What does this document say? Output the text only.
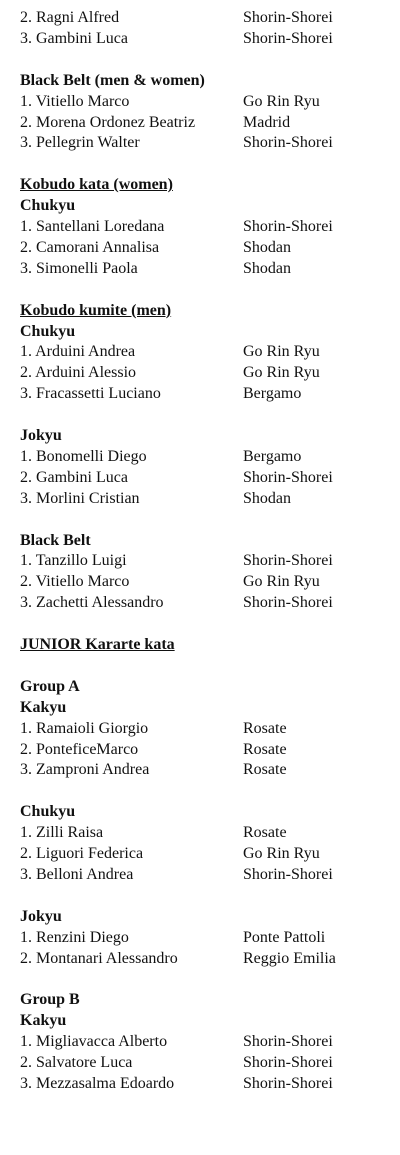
2. Ragni Alfred	Shorin-Shorei
3. Gambini Luca	Shorin-Shorei
Black Belt (men & women)
1. Vitiello Marco	Go Rin Ryu
2. Morena Ordonez Beatriz	Madrid
3. Pellegrin Walter	Shorin-Shorei
Kobudo kata (women)
Chukyu
1. Santellani Loredana	Shorin-Shorei
2. Camorani Annalisa	Shodan
3. Simonelli Paola	Shodan
Kobudo kumite (men)
Chukyu
1. Arduini Andrea	Go Rin Ryu
2. Arduini Alessio	Go Rin Ryu
3. Fracassetti Luciano	Bergamo
Jokyu
1. Bonomelli Diego	Bergamo
2. Gambini Luca	Shorin-Shorei
3. Morlini Cristian	Shodan
Black Belt
1. Tanzillo Luigi	Shorin-Shorei
2. Vitiello Marco	Go Rin Ryu
3. Zachetti Alessandro	Shorin-Shorei
JUNIOR Kararte kata
Group A
Kakyu
1. Ramaioli Giorgio	Rosate
2. PonteficeMarco	Rosate
3. Zamproni Andrea	Rosate
Chukyu
1. Zilli Raisa	Rosate
2. Liguori Federica	Go Rin Ryu
3. Belloni Andrea	Shorin-Shorei
Jokyu
1. Renzini Diego	Ponte Pattoli
2. Montanari Alessandro	Reggio Emilia
Group B
Kakyu
1. Migliavacca Alberto	Shorin-Shorei
2. Salvatore Luca	Shorin-Shorei
3. Mezzasalma Edoardo	Shorin-Shorei
